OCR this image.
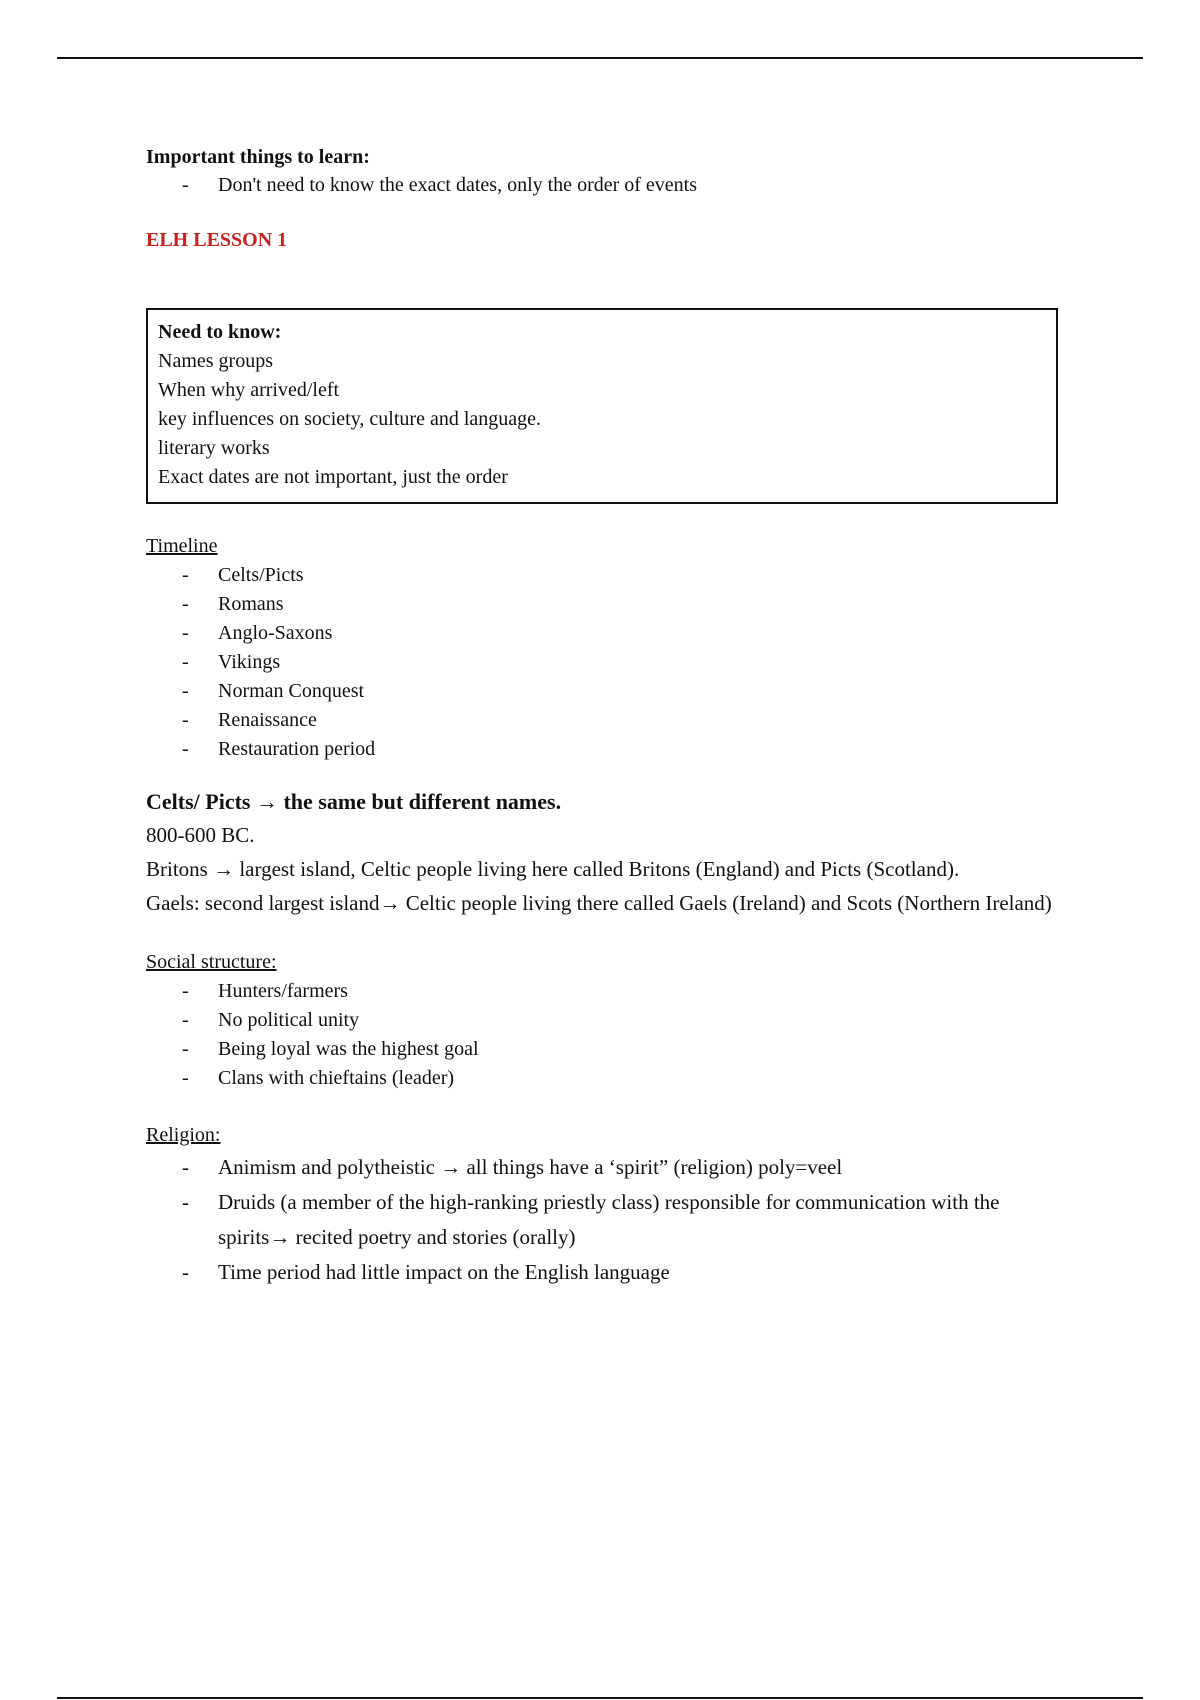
Important things to learn:

- Don't need to know the exact dates, only the order of events

ELH LESSON 1

Need to know:
Names groups
When why arrived/left
key influences on society, culture and language.
literary works
Exact dates are not important, just the order

Timeline

- Celts/Picts
- Romans
- Anglo-Saxons
- Vikings
- Norman Conquest
- Renaissance
- Restauration period

Celts/ Picts → the same but different names.

800-600 BC.

Britons → largest island, Celtic people living here called Britons (England) and Picts (Scotland).

Gaels: second largest island→ Celtic people living there called Gaels (Ireland) and Scots (Northern Ireland)

Social structure:

- Hunters/farmers
- No political unity
- Being loyal was the highest goal
- Clans with chieftains (leader)

Religion:

- Animism and polytheistic → all things have a ‘spirit” (religion) poly=veel
- Druids (a member of the high-ranking priestly class) responsible for communication with the spirits→ recited poetry and stories (orally)
- Time period had little impact on the English language
